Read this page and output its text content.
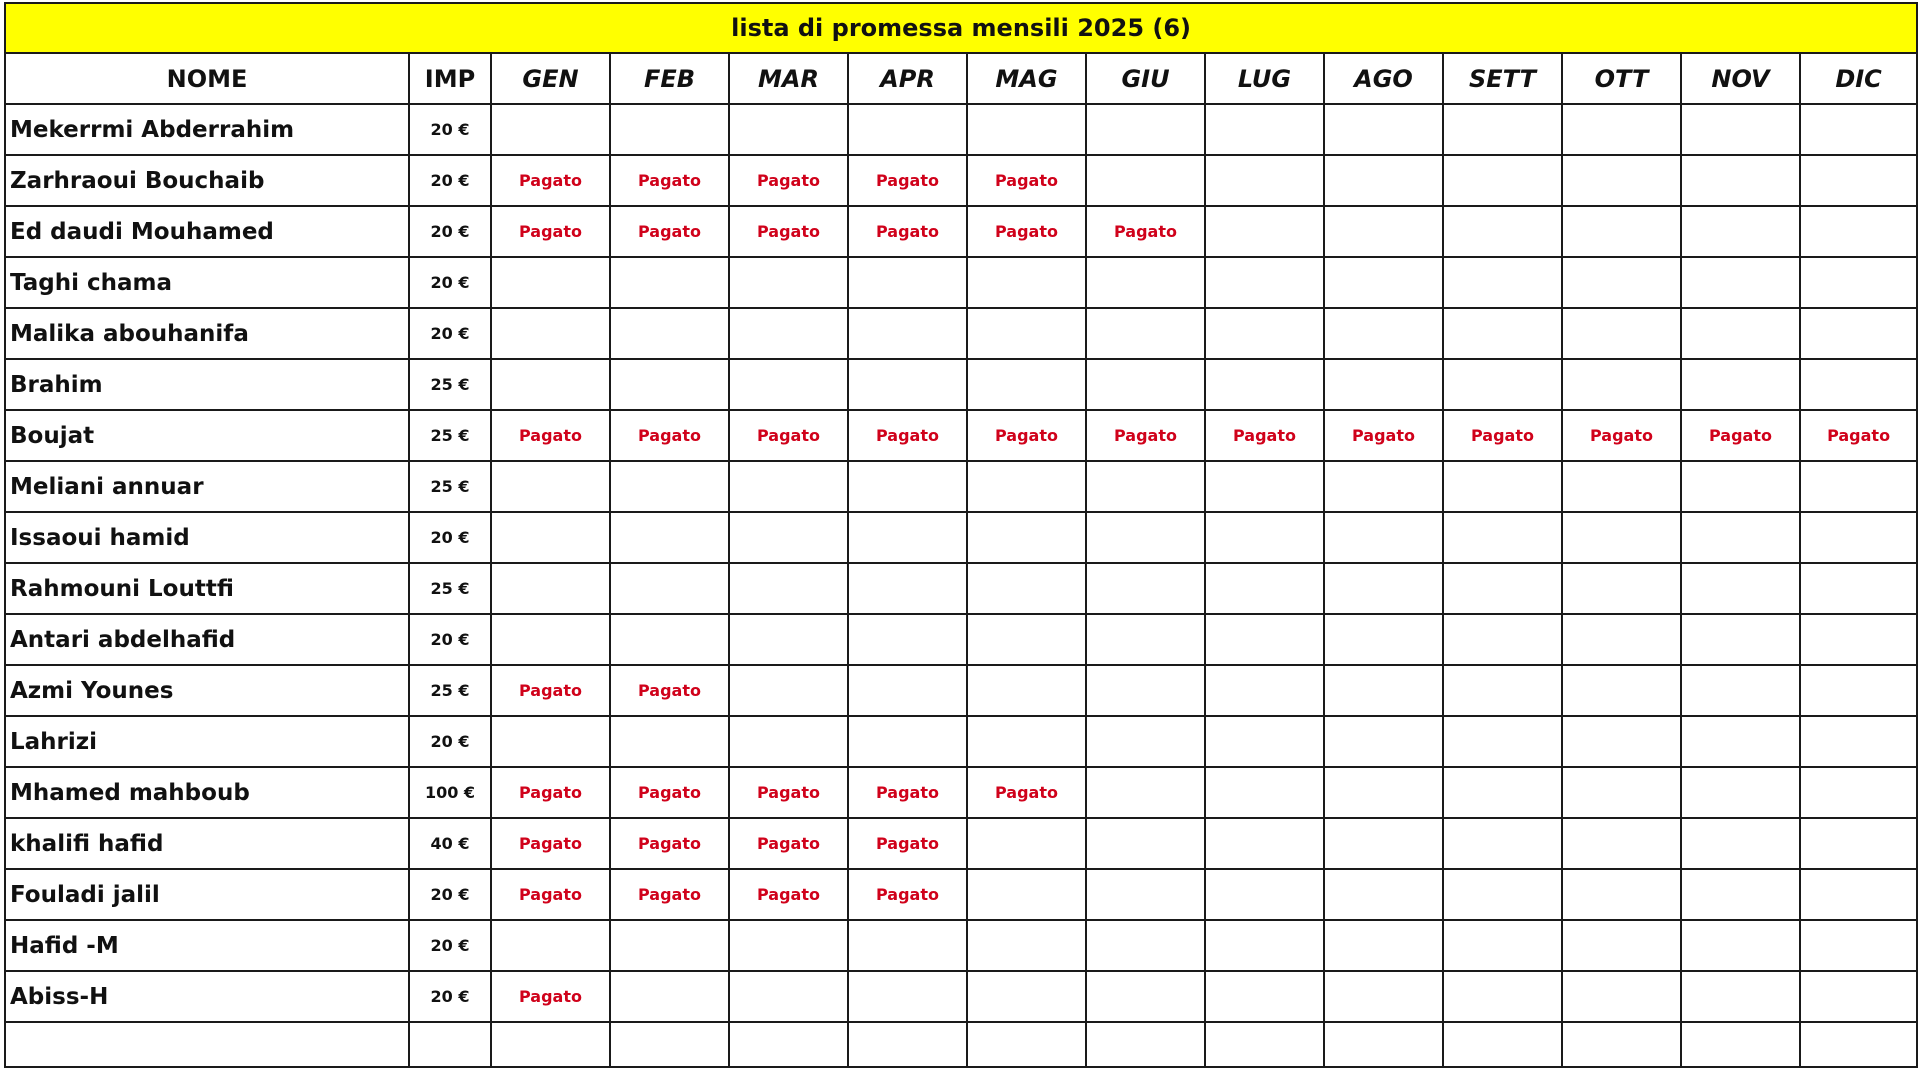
lista di promessa mensili 2025 (6)													
NOME	IMP	GEN	FEB	MAR	APR	MAG	GIU	LUG	AGO	SETT	OTT	NOV	DIC
Mekerrmi Abderrahim	20 €												
Zarhraoui Bouchaib	20 €	Pagato	Pagato	Pagato	Pagato	Pagato							
Ed daudi Mouhamed	20 €	Pagato	Pagato	Pagato	Pagato	Pagato	Pagato						
Taghi chama	20 €												
Malika abouhanifa	20 €												
Brahim	25 €												
Boujat	25 €	Pagato	Pagato	Pagato	Pagato	Pagato	Pagato	Pagato	Pagato	Pagato	Pagato	Pagato	Pagato
Meliani annuar	25 €												
Issaoui hamid	20 €												
Rahmouni Louttfi	25 €												
Antari abdelhafid	20 €												
Azmi Younes	25 €	Pagato	Pagato										
Lahrizi	20 €												
Mhamed mahboub	100 €	Pagato	Pagato	Pagato	Pagato	Pagato							
khalifi hafid	40 €	Pagato	Pagato	Pagato	Pagato								
Fouladi jalil	20 €	Pagato	Pagato	Pagato	Pagato								
Hafid -M	20 €												
Abiss-H	20 €	Pagato											
